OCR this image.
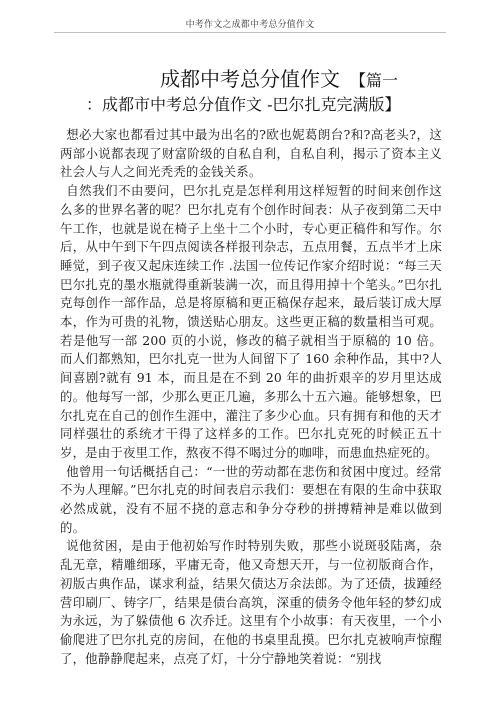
中考作文之成都中考总分值作文
成都中考总分值作文 【篇一
：成都市中考总分值作文 -巴尔扎克完满版】

想必大家也都看过其中最为出名的?欧也妮葛朗台?和?高老头?，这两部小说都表现了财富阶级的自私自利，自私自利，揭示了资本主义社会人与人之间光秃秃的金钱关系。

自然我们不由要问，巴尔扎克是怎样利用这样短暂的时间来创作这么多的世界名著的呢？巴尔扎克有个创作时间表：从子夜到第二天中午工作，也就是说在椅子上坐十二个小时，专心更正稿件和写作。尔后，从中午到下午四点阅读各样报刊杂志，五点用餐，五点半才上床睡觉，到子夜又起床连续工作 .法国一位传记作家介绍时说：“每三天巴尔扎克的墨水瓶就得重新装满一次，而且得用掉十个笔头。”巴尔扎克每创作一部作品，总是将原稿和更正稿保存起来，最后装订成大厚本，作为可贵的礼物，馈送贴心朋友。这些更正稿的数量相当可观。若是他写一部 200 页的小说，修改的稿子就相当于原稿的 10 倍。而人们都熟知，巴尔扎克一世为人间留下了 160 余种作品，其中?人间喜剧?就有 91 本，而且是在不到 20 年的曲折艰辛的岁月里达成的。他每写一部，少那么更正几遍，多那么十五六遍。能够想象，巴尔扎克在自己的创作生涯中，灌注了多少心血。只有拥有和他的天才同样强壮的系统才干得了这样多的工作。巴尔扎克死的时候正五十岁，是由于夜里工作，熬夜不得不喝过分的咖啡，而患血热症死的。

他曾用一句话概括自己：“一世的劳动都在悲伤和贫困中度过。经常不为人理解。”巴尔扎克的时间表启示我们：要想在有限的生命中获取必然成就，没有不屈不挠的意志和争分夺秒的拼搏精神是难以做到的。

说他贫困，是由于他初始写作时特别失败，那些小说斑驳陆离，杂乱无章，精雕细琢，平庸无奇，他又奇想天开，与一位初版商合作，初版古典作品，谋求利益，结果欠债达万余法郎。为了还债，拔踵经营印刷厂、铸字厂，结果是债台高筑，深重的债务令他年轻的梦幻成为永远，为了躲债他 6 次乔迁。这里有个小故事：有天夜里，一个小偷爬进了巴尔扎克的房间，在他的书桌里乱摸。巴尔扎克被响声惊醒了，他静静爬起来，点亮了灯，十分宁静地笑着说：“别找
